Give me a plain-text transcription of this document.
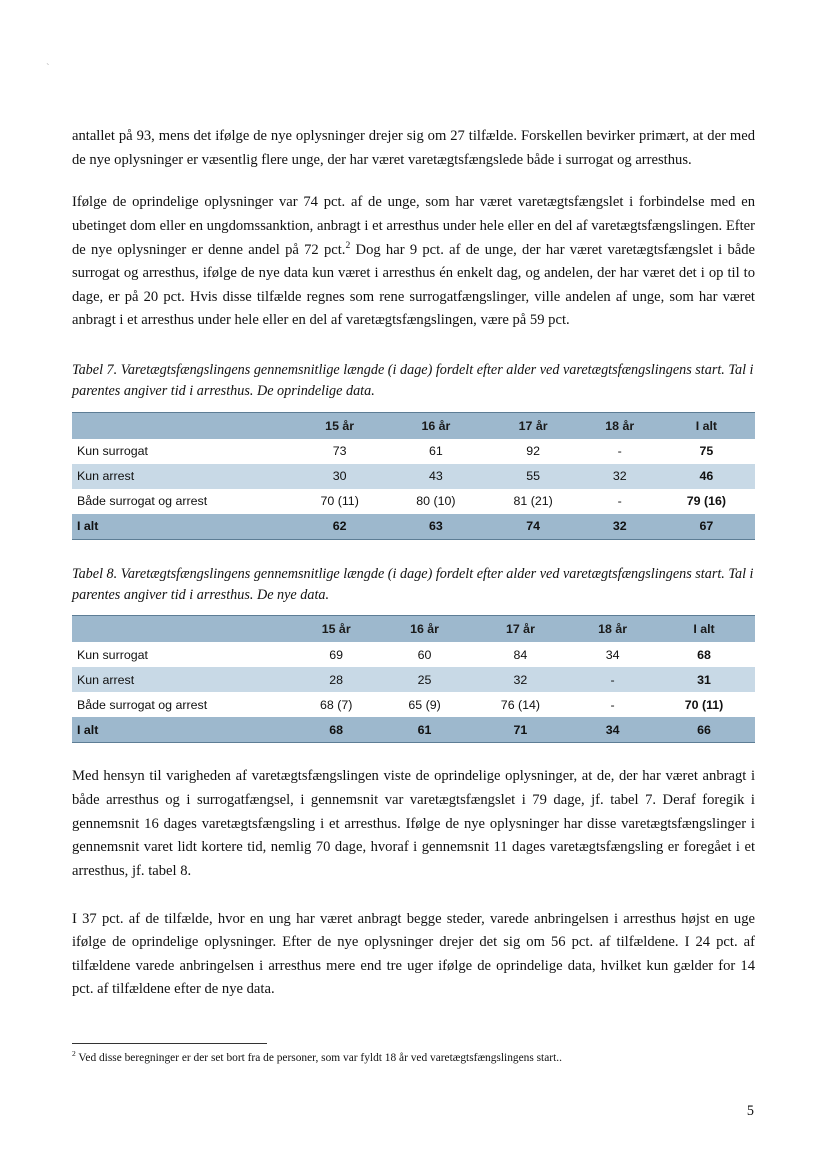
`

antallet på 93, mens det ifølge de nye oplysninger drejer sig om 27 tilfælde. Forskellen bevirker primært, at der med de nye oplysninger er væsentlig flere unge, der har været varetægtsfængslede både i surrogat og arresthus.

Ifølge de oprindelige oplysninger var 74 pct. af de unge, som har været varetægtsfængslet i forbindelse med en ubetinget dom eller en ungdomssanktion, anbragt i et arresthus under hele eller en del af varetægtsfængslingen. Efter de nye oplysninger er denne andel på 72 pct.$^2$ Dog har 9 pct. af de unge, der har været varetægtsfængslet i både surrogat og arresthus, ifølge de nye data kun været i arresthus én enkelt dag, og andelen, der har været det i op til to dage, er på 20 pct. Hvis disse tilfælde regnes som rene surrogatfængslinger, ville andelen af unge, som har været anbragt i et arresthus under hele eller en del af varetægtsfængslingen, være på 59 pct.

Tabel 7. Varetægtsfængslingens gennemsnitlige længde (i dage) fordelt efter alder ved varetægtsfængslingens start. Tal i parentes angiver tid i arresthus. De oprindelige data.

	15 år	16 år	17 år	18 år	I alt
Kun surrogat	73	61	92	-	75
Kun arrest	30	43	55	32	46
Både surrogat og arrest	70 (11)	80 (10)	81 (21)	-	79 (16)
I alt	62	63	74	32	67

Tabel 8. Varetægtsfængslingens gennemsnitlige længde (i dage) fordelt efter alder ved varetægtsfængslingens start. Tal i parentes angiver tid i arresthus. De nye data.

	15 år	16 år	17 år	18 år	I alt
Kun surrogat	69	60	84	34	68
Kun arrest	28	25	32	-	31
Både surrogat og arrest	68 (7)	65 (9)	76 (14)	-	70 (11)
I alt	68	61	71	34	66

Med hensyn til varigheden af varetægtsfængslingen viste de oprindelige oplysninger, at de, der har været anbragt i både arresthus og i surrogatfængsel, i gennemsnit var varetægtsfængslet i 79 dage, jf. tabel 7. Deraf foregik i gennemsnit 16 dages varetægtsfængsling i et arresthus. Ifølge de nye oplysninger har disse varetægtsfængslinger i gennemsnit varet lidt kortere tid, nemlig 70 dage, hvoraf i gennemsnit 11 dages varetægtsfængsling er foregået i et arresthus, jf. tabel 8.

I 37 pct. af de tilfælde, hvor en ung har været anbragt begge steder, varede anbringelsen i arresthus højst en uge ifølge de oprindelige oplysninger. Efter de nye oplysninger drejer det sig om 56 pct. af tilfældene. I 24 pct. af tilfældene varede anbringelsen i arresthus mere end tre uger ifølge de oprindelige data, hvilket kun gælder for 14 pct. af tilfældene efter de nye data.

$^2$ Ved disse beregninger er der set bort fra de personer, som var fyldt 18 år ved varetægtsfængslingens start..

5
